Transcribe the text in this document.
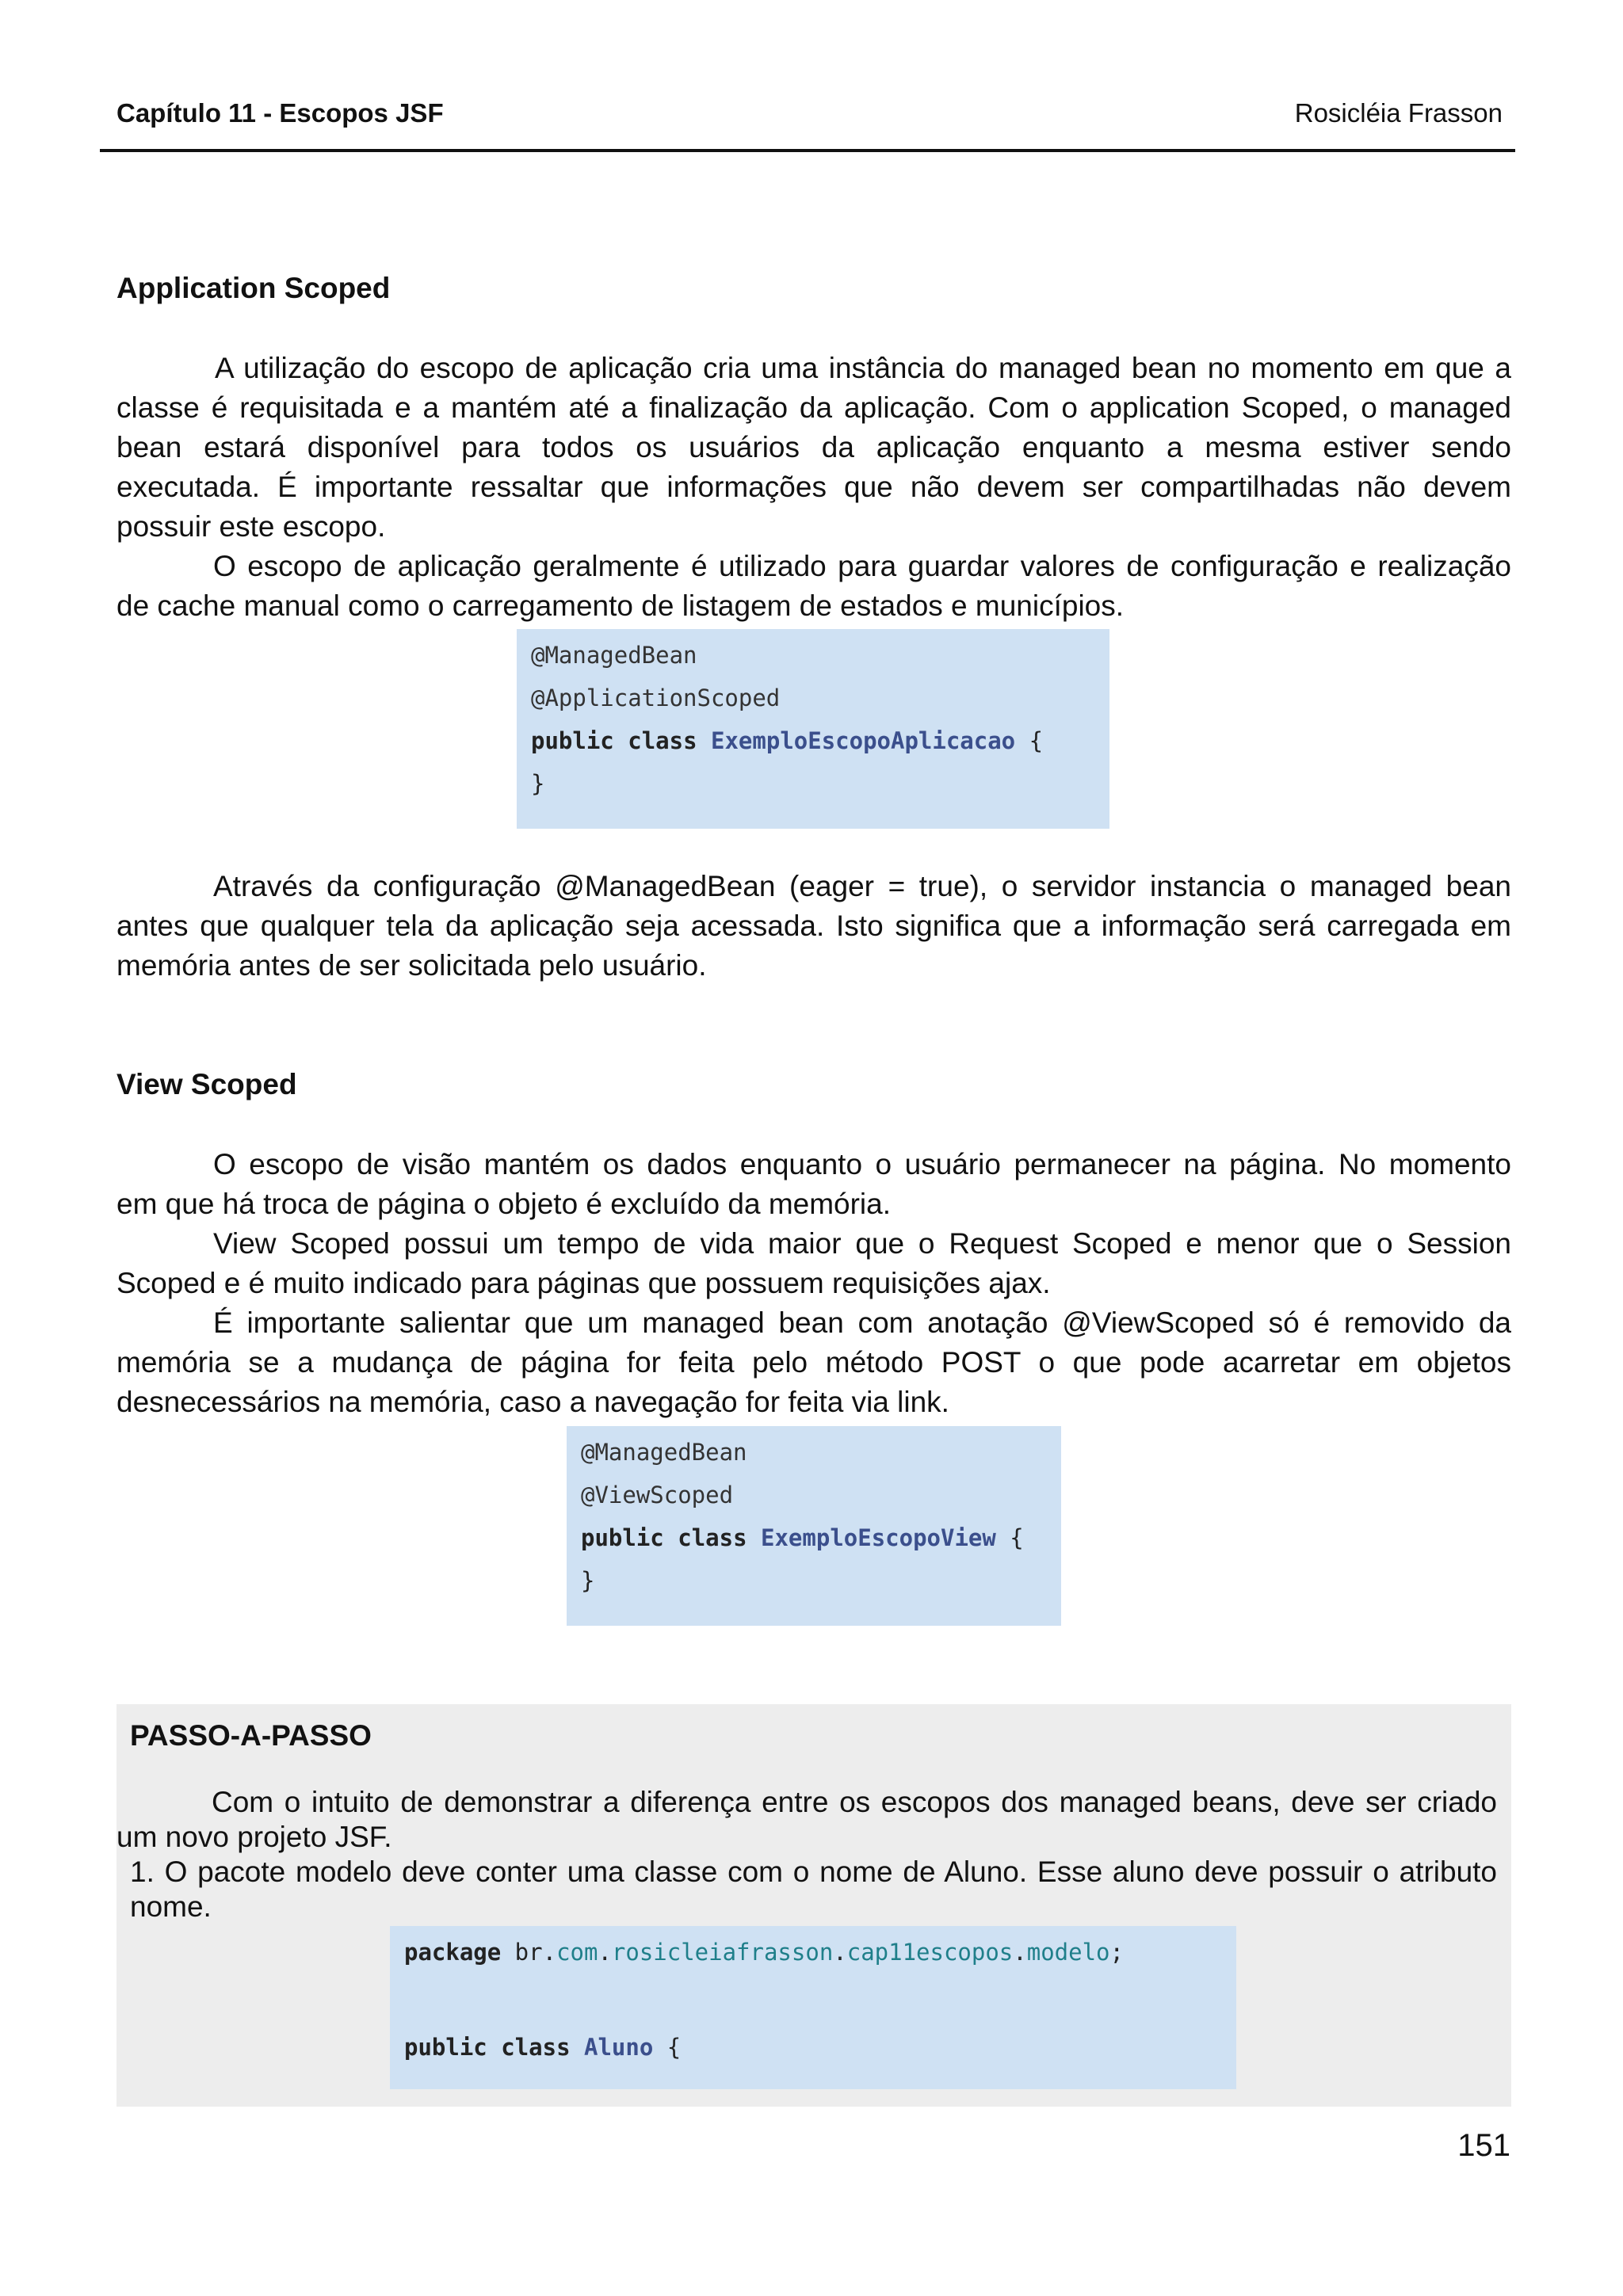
Capítulo 11 - Escopos JSF	Rosicléia Frasson
Application Scoped
A utilização do escopo de aplicação cria uma instância do managed bean no momento em que a
classe é requisitada e a mantém até a finalização da aplicação. Com o application Scoped, o managed
bean estará disponível para todos os usuários da aplicação enquanto a mesma estiver sendo
executada. É importante ressaltar que informações que não devem ser compartilhadas não devem
possuir este escopo.
O escopo de aplicação geralmente é utilizado para guardar valores de configuração e realização
de cache manual como o carregamento de listagem de estados e municípios.
@ManagedBean
@ApplicationScoped
public class ExemploEscopoAplicacao {
}
Através da configuração @ManagedBean (eager = true), o servidor instancia o managed bean
antes que qualquer tela da aplicação seja acessada. Isto significa que a informação será carregada em
memória antes de ser solicitada pelo usuário.
View Scoped
O escopo de visão mantém os dados enquanto o usuário permanecer na página. No momento
em que há troca de página o objeto é excluído da memória.
View Scoped possui um tempo de vida maior que o Request Scoped e menor que o Session
Scoped e é muito indicado para páginas que possuem requisições ajax.
É importante salientar que um managed bean com anotação @ViewScoped só é removido da
memória se a mudança de página for feita pelo método POST o que pode acarretar em objetos
desnecessários na memória, caso a navegação for feita via link.
@ManagedBean
@ViewScoped
public class ExemploEscopoView {
}
PASSO-A-PASSO
Com o intuito de demonstrar a diferença entre os escopos dos managed beans, deve ser criado
um novo projeto JSF.
1. O pacote modelo deve conter uma classe com o nome de Aluno. Esse aluno deve possuir o atributo
nome.
package br.com.rosicleiafrasson.cap11escopos.modelo;
public class Aluno {
151
